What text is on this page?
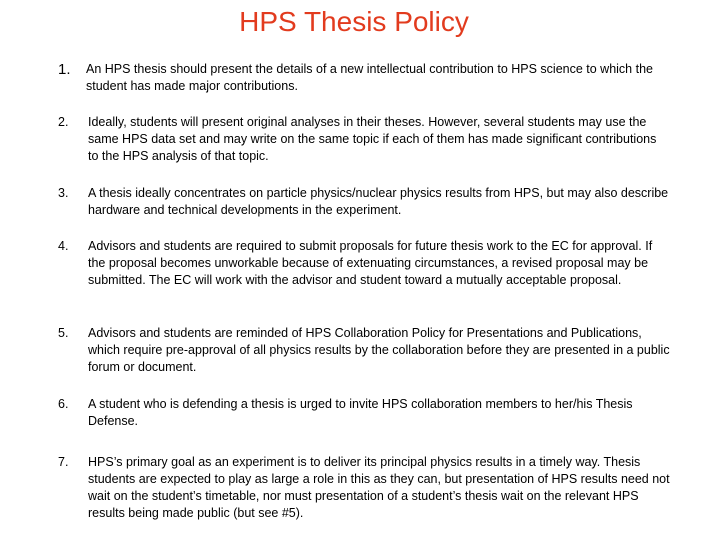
HPS Thesis Policy
1.	An HPS thesis should present the details of a new intellectual contribution to HPS science to which the student has made major contributions.
2.	Ideally, students will present original analyses in their theses. However, several students may use the same HPS data set and may write on the same topic if each of them has made significant contributions to the HPS analysis of that topic.
3.	A thesis ideally concentrates on particle physics/nuclear physics results from HPS, but may also describe hardware and technical developments in the experiment.
4.	Advisors and students are required to submit proposals for future thesis work to the EC for approval. If the proposal becomes unworkable because of extenuating circumstances, a revised proposal may be submitted. The EC will work with the advisor and student toward a mutually acceptable proposal.
5.	Advisors and students are reminded of HPS Collaboration Policy for Presentations and Publications, which require pre-approval of all physics results by the collaboration before they are presented in a public forum or document.
6.	A student who is defending a thesis is urged to invite HPS collaboration members to her/his Thesis Defense.
7.	HPS’s primary goal as an experiment is to deliver its principal physics results in a timely way. Thesis students are expected to play as large a role in this as they can, but presentation of HPS results need not wait on the student’s timetable, nor must presentation of a student’s thesis wait on the relevant HPS results being made public (but see #5).
